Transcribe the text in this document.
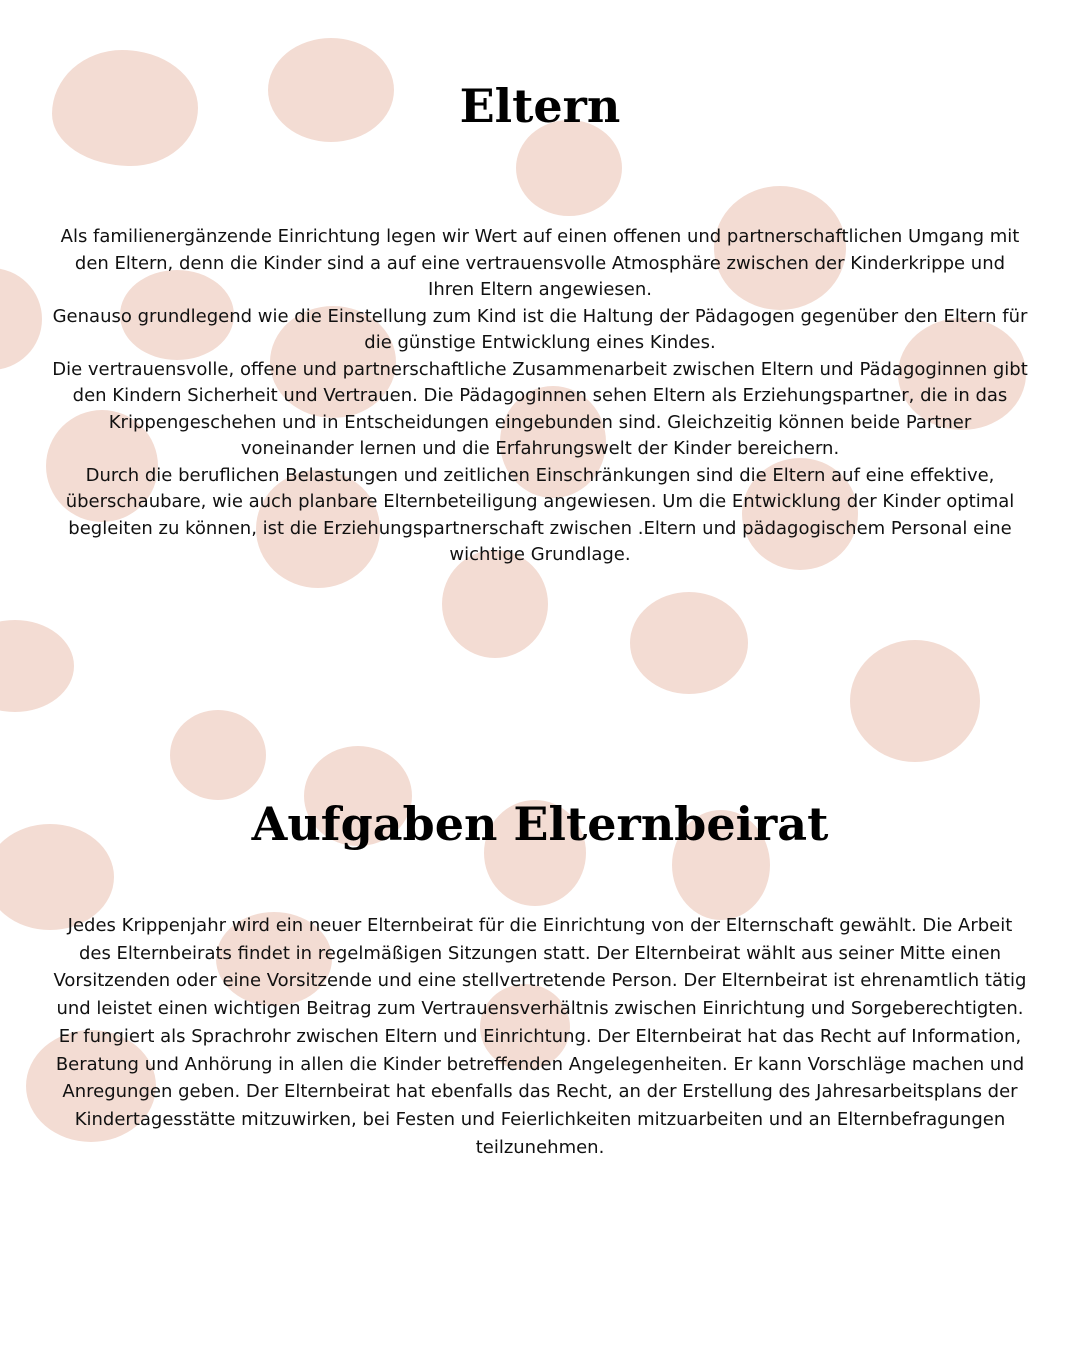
Eltern

Als familienergänzende Einrichtung legen wir Wert auf einen offenen und partnerschaftlichen Umgang mit den Eltern, denn die Kinder sind a auf eine vertrauensvolle Atmosphäre zwischen der Kinderkrippe und Ihren Eltern angewiesen.

Genauso grundlegend wie die Einstellung zum Kind ist die Haltung der Pädagogen gegenüber den Eltern für die günstige Entwicklung eines Kindes.

Die vertrauensvolle, offene und partnerschaftliche Zusammenarbeit zwischen Eltern und Pädagoginnen gibt den Kindern Sicherheit und Vertrauen. Die Pädagoginnen sehen Eltern als Erziehungspartner, die in das Krippengeschehen und in Entscheidungen eingebunden sind. Gleichzeitig können beide Partner voneinander lernen und die Erfahrungswelt der Kinder bereichern.

Durch die beruflichen Belastungen und zeitlichen Einschränkungen sind die Eltern auf eine effektive, überschaubare, wie auch planbare Elternbeteiligung angewiesen. Um die Entwicklung der Kinder optimal begleiten zu können, ist die Erziehungspartnerschaft zwischen .Eltern und pädagogischem Personal eine wichtige Grundlage.

Aufgaben Elternbeirat

Jedes Krippenjahr wird ein neuer Elternbeirat für die Einrichtung von der Elternschaft gewählt. Die Arbeit des Elternbeirats findet in regelmäßigen Sitzungen statt. Der Elternbeirat wählt aus seiner Mitte einen Vorsitzenden oder eine Vorsitzende und eine stellvertretende Person. Der Elternbeirat ist ehrenamtlich tätig und leistet einen wichtigen Beitrag zum Vertrauensverhältnis zwischen Einrichtung und Sorgeberechtigten. Er fungiert als Sprachrohr zwischen Eltern und Einrichtung. Der Elternbeirat hat das Recht auf Information, Beratung und Anhörung in allen die Kinder betreffenden Angelegenheiten. Er kann Vorschläge machen und Anregungen geben. Der Elternbeirat hat ebenfalls das Recht, an der Erstellung des Jahresarbeitsplans der Kindertagesstätte mitzuwirken, bei Festen und Feierlichkeiten mitzuarbeiten und an Elternbefragungen teilzunehmen.
